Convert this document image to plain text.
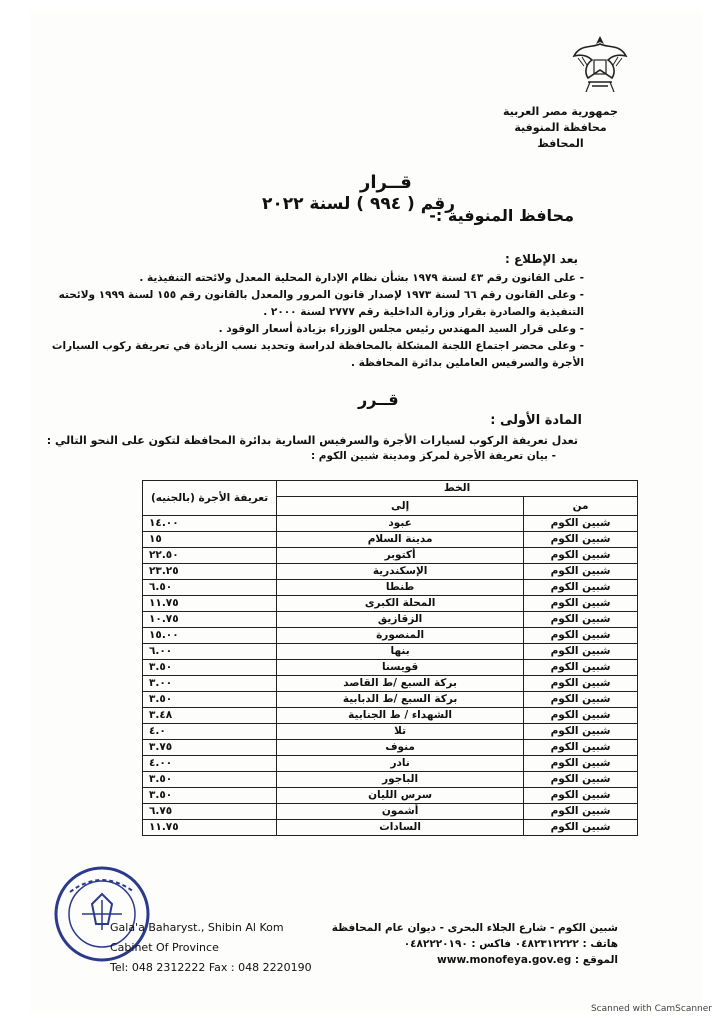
جمهورية مصر العربية
محافظة المنوفية
المحافظ
قــرار
رقم ( ٩٩٤ ) لسنة ٢٠٢٢
محافظ المنوفية :-
بعد الإطلاع :

- على القانون رقم ٤٣ لسنة ١٩٧٩ بشأن نظام الإدارة المحلية المعدل ولائحته التنفيذية .

- وعلى القانون رقم ٦٦ لسنة ١٩٧٣ لإصدار قانون المرور والمعدل بالقانون رقم ١٥٥ لسنة ١٩٩٩ ولائحته التنفيذية والصادرة بقرار وزارة الداخلية رقم ٢٧٧٧ لسنة ٢٠٠٠ .

- وعلى قرار السيد المهندس رئيس مجلس الوزراء بزيادة أسعار الوقود .

- وعلى محضر اجتماع اللجنة المشكلة بالمحافظة لدراسة وتحديد نسب الزيادة في تعريفة ركوب السيارات الأجرة والسرفيس العاملين بدائرة المحافظة .

قــرر
المادة الأولى :
تعدل تعريفة الركوب لسيارات الأجرة والسرفيس السارية بدائرة المحافظة لتكون على النحو التالي :
- بيان تعريفة الأجرة لمركز ومدينة شبين الكوم :
الخط		تعريفة الأجرة (بالجنيه)
من	إلى	
شبين الكوم	عبود	١٤.٠٠
شبين الكوم	مدينة السلام	١٥
شبين الكوم	أكتوبر	٢٢.٥٠
شبين الكوم	الإسكندرية	٢٣.٢٥
شبين الكوم	طنطا	٦.٥٠
شبين الكوم	المحلة الكبرى	١١.٧٥
شبين الكوم	الزقازيق	١٠.٧٥
شبين الكوم	المنصورة	١٥.٠٠
شبين الكوم	بنها	٦.٠٠
شبين الكوم	قويسنا	٣.٥٠
شبين الكوم	بركة السبع /ط القاصد	٣.٠٠
شبين الكوم	بركة السبع /ط الدبابية	٣.٥٠
شبين الكوم	الشهداء / ط الجنابية	٣.٤٨
شبين الكوم	تلا	٤.٠
شبين الكوم	منوف	٣.٧٥
شبين الكوم	نادر	٤.٠٠
شبين الكوم	الباجور	٣.٥٠
شبين الكوم	سرس الليان	٣.٥٠
شبين الكوم	أشمون	٦.٧٥
شبين الكوم	السادات	١١.٧٥
Gala'a Baharyst., Shibin Al Kom
Cabinet Of Province
Tel: 048 2312222 Fax : 048 2220190
شبين الكوم - شارع الجلاء البحرى - ديوان عام المحافظة
هاتف : ٠٤٨٢٣١٢٢٢٢ فاكس : ٠٤٨٢٢٢٠١٩٠
الموقع : www.monofeya.gov.eg
Scanned with CamScanner
